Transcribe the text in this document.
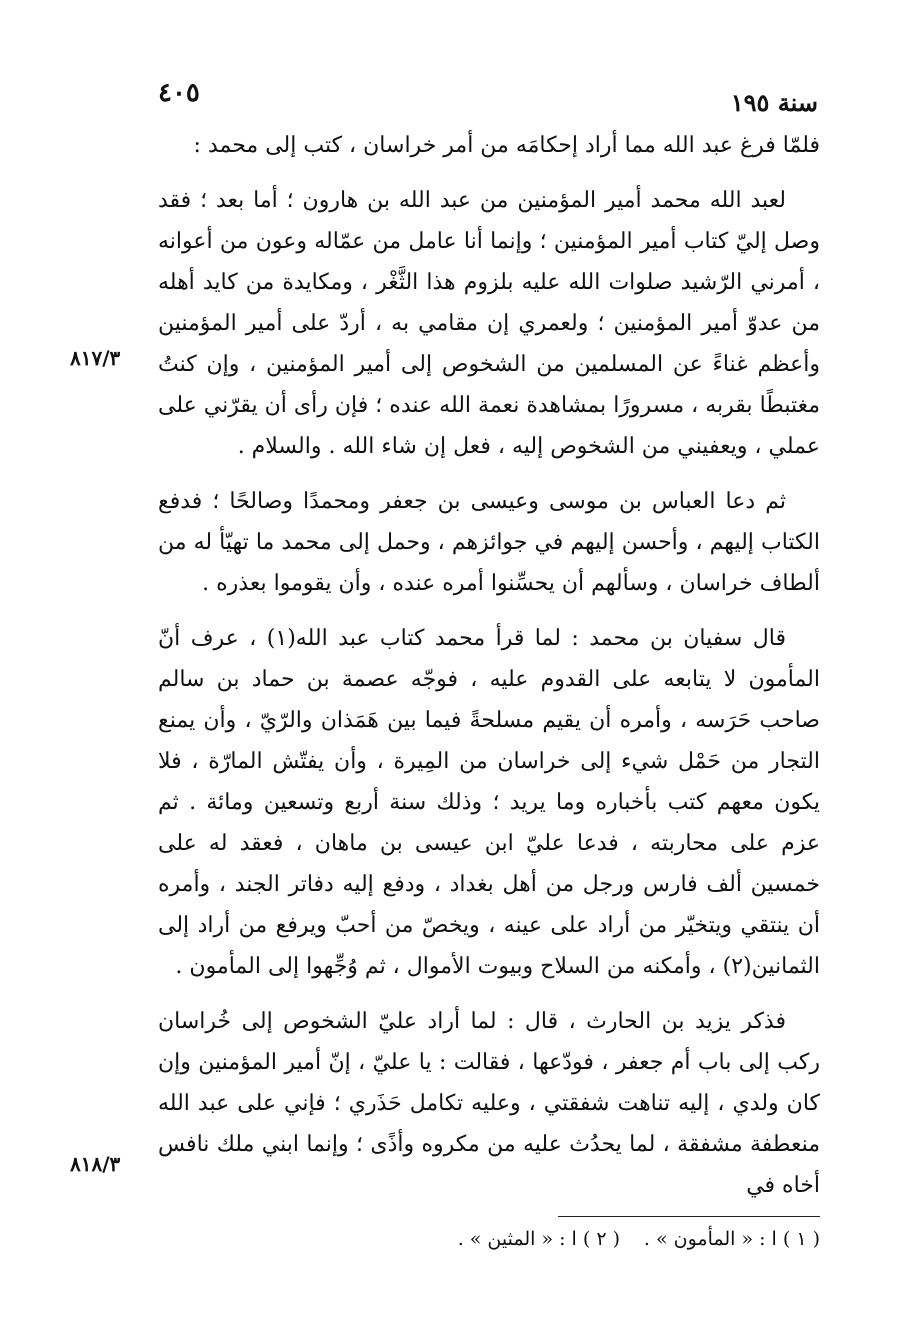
٤٠٥	سنة ١٩٥
٨١٧/٣
٨١٨/٣

فلمّا فرغ عبد الله مما أراد إحكامَه من أمر خراسان ، كتب إلى محمد :

لعبد الله محمد أمير المؤمنين من عبد الله بن هارون ؛ أما بعد ؛ فقد وصل إليّ كتاب أمير المؤمنين ؛ وإنما أنا عامل من عمّاله وعون من أعوانه ، أمرني الرّشيد صلوات الله عليه بلزوم هذا الثَّغْر ، ومكايدة من كايد أهله من عدوّ أمير المؤمنين ؛ ولعمري إن مقامي به ، أردّ على أمير المؤمنين وأعظم غناءً عن المسلمين من الشخوص إلى أمير المؤمنين ، وإن كنتُ مغتبطًا بقربه ، مسرورًا بمشاهدة نعمة الله عنده ؛ فإن رأى أن يقرّني على عملي ، ويعفيني من الشخوص إليه ، فعل إن شاء الله . والسلام .

ثم دعا العباس بن موسى وعيسى بن جعفر ومحمدًا وصالحًا ؛ فدفع الكتاب إليهم ، وأحسن إليهم في جوائزهم ، وحمل إلى محمد ما تهيّأ له من ألطاف خراسان ، وسألهم أن يحسِّنوا أمره عنده ، وأن يقوموا بعذره .

قال سفيان بن محمد : لما قرأ محمد كتاب عبد الله(١) ، عرف أنّ المأمون لا يتابعه على القدوم عليه ، فوجّه عصمة بن حماد بن سالم صاحب حَرَسه ، وأمره أن يقيم مسلحةً فيما بين هَمَذان والرّيّ ، وأن يمنع التجار من حَمْل شيء إلى خراسان من المِيرة ، وأن يفتّش المارّة ، فلا يكون معهم كتب بأخباره وما يريد ؛ وذلك سنة أربع وتسعين ومائة . ثم عزم على محاربته ، فدعا عليّ ابن عيسى بن ماهان ، فعقد له على خمسين ألف فارس ورجل من أهل بغداد ، ودفع إليه دفاتر الجند ، وأمره أن ينتقي ويتخيّر من أراد على عينه ، ويخصّ من أحبّ ويرفع من أراد إلى الثمانين(٢) ، وأمكنه من السلاح وبيوت الأموال ، ثم وُجِّهوا إلى المأمون .

فذكر يزيد بن الحارث ، قال : لما أراد عليّ الشخوص إلى خُراسان ركب إلى باب أم جعفر ، فودّعها ، فقالت : يا عليّ ، إنّ أمير المؤمنين وإن كان ولدي ، إليه تناهت شفقتي ، وعليه تكامل حَذَري ؛ فإني على عبد الله منعطفة مشفقة ، لما يحدُث عليه من مكروه وأذًى ؛ وإنما ابني ملك نافس أخاه في

( ١ ) ا : « المأمون » .
( ٢ ) ا : « المثين » .
